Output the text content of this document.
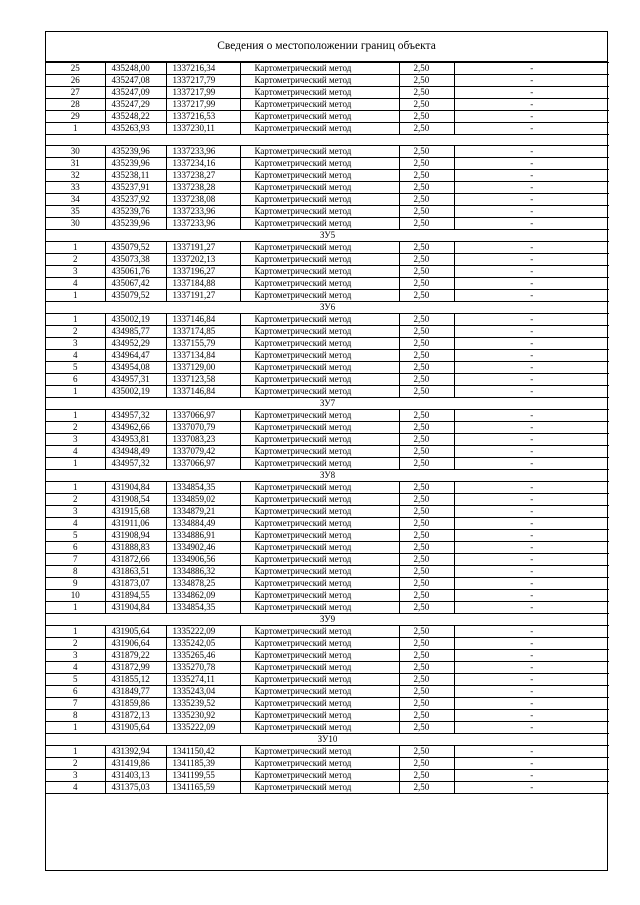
Сведения о местоположении границ объекта
25	435248,00	1337216,34	Картометрический метод	2,50	-
26	435247,08	1337217,79	Картометрический метод	2,50	-
27	435247,09	1337217,99	Картометрический метод	2,50	-
28	435247,29	1337217,99	Картометрический метод	2,50	-
29	435248,22	1337216,53	Картометрический метод	2,50	-
1	435263,93	1337230,11	Картометрический метод	2,50	-

30	435239,96	1337233,96	Картометрический метод	2,50	-
31	435239,96	1337234,16	Картометрический метод	2,50	-
32	435238,11	1337238,27	Картометрический метод	2,50	-
33	435237,91	1337238,28	Картометрический метод	2,50	-
34	435237,92	1337238,08	Картометрический метод	2,50	-
35	435239,76	1337233,96	Картометрический метод	2,50	-
30	435239,96	1337233,96	Картометрический метод	2,50	-
ЗУ5					
1	435079,52	1337191,27	Картометрический метод	2,50	-
2	435073,38	1337202,13	Картометрический метод	2,50	-
3	435061,76	1337196,27	Картометрический метод	2,50	-
4	435067,42	1337184,88	Картометрический метод	2,50	-
1	435079,52	1337191,27	Картометрический метод	2,50	-
ЗУ6					
1	435002,19	1337146,84	Картометрический метод	2,50	-
2	434985,77	1337174,85	Картометрический метод	2,50	-
3	434952,29	1337155,79	Картометрический метод	2,50	-
4	434964,47	1337134,84	Картометрический метод	2,50	-
5	434954,08	1337129,00	Картометрический метод	2,50	-
6	434957,31	1337123,58	Картометрический метод	2,50	-
1	435002,19	1337146,84	Картометрический метод	2,50	-
ЗУ7					
1	434957,32	1337066,97	Картометрический метод	2,50	-
2	434962,66	1337070,79	Картометрический метод	2,50	-
3	434953,81	1337083,23	Картометрический метод	2,50	-
4	434948,49	1337079,42	Картометрический метод	2,50	-
1	434957,32	1337066,97	Картометрический метод	2,50	-
ЗУ8					
1	431904,84	1334854,35	Картометрический метод	2,50	-
2	431908,54	1334859,02	Картометрический метод	2,50	-
3	431915,68	1334879,21	Картометрический метод	2,50	-
4	431911,06	1334884,49	Картометрический метод	2,50	-
5	431908,94	1334886,91	Картометрический метод	2,50	-
6	431888,83	1334902,46	Картометрический метод	2,50	-
7	431872,66	1334906,56	Картометрический метод	2,50	-
8	431863,51	1334886,32	Картометрический метод	2,50	-
9	431873,07	1334878,25	Картометрический метод	2,50	-
10	431894,55	1334862,09	Картометрический метод	2,50	-
1	431904,84	1334854,35	Картометрический метод	2,50	-
ЗУ9					
1	431905,64	1335222,09	Картометрический метод	2,50	-
2	431906,64	1335242,05	Картометрический метод	2,50	-
3	431879,22	1335265,46	Картометрический метод	2,50	-
4	431872,99	1335270,78	Картометрический метод	2,50	-
5	431855,12	1335274,11	Картометрический метод	2,50	-
6	431849,77	1335243,04	Картометрический метод	2,50	-
7	431859,86	1335239,52	Картометрический метод	2,50	-
8	431872,13	1335230,92	Картометрический метод	2,50	-
1	431905,64	1335222,09	Картометрический метод	2,50	-
ЗУ10					
1	431392,94	1341150,42	Картометрический метод	2,50	-
2	431419,86	1341185,39	Картометрический метод	2,50	-
3	431403,13	1341199,55	Картометрический метод	2,50	-
4	431375,03	1341165,59	Картометрический метод	2,50	-
